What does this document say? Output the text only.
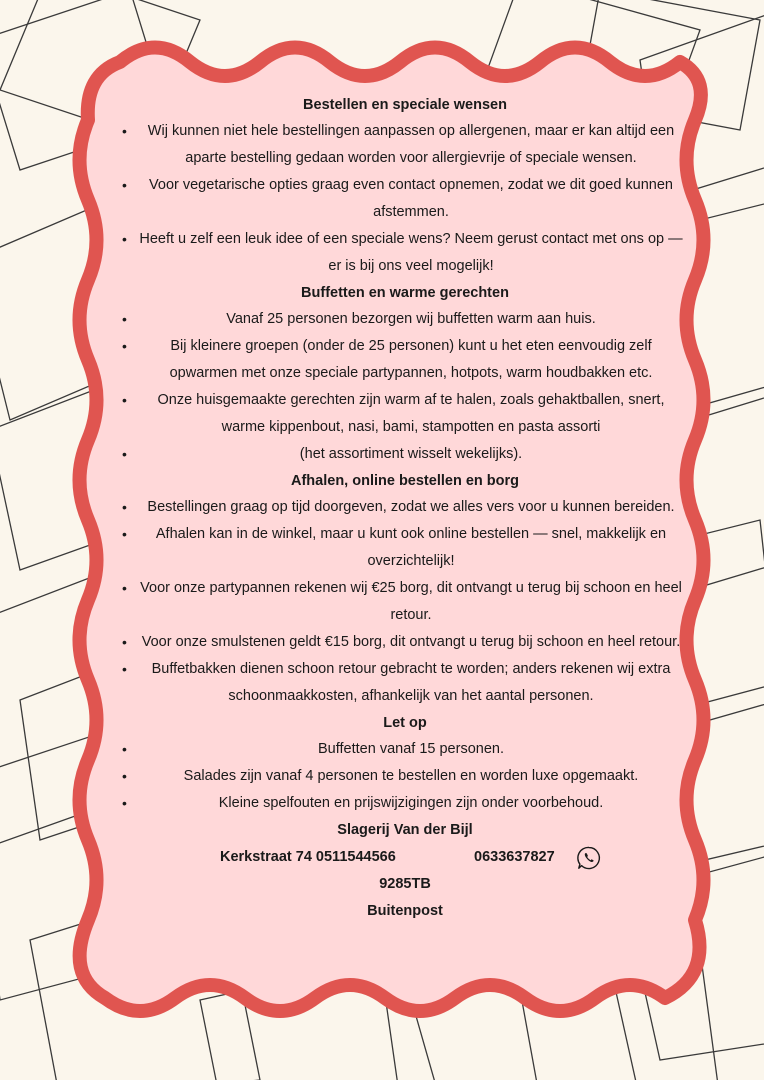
Bestellen en speciale wensen
• Wij kunnen niet hele bestellingen aanpassen op allergenen, maar er kan altijd een aparte bestelling gedaan worden voor allergievrije of speciale wensen.
• Voor vegetarische opties graag even contact opnemen, zodat we dit goed kunnen afstemmen.
• Heeft u zelf een leuk idee of een speciale wens? Neem gerust contact met ons op — er is bij ons veel mogelijk!
Buffetten en warme gerechten
• Vanaf 25 personen bezorgen wij buffetten warm aan huis.
• Bij kleinere groepen (onder de 25 personen) kunt u het eten eenvoudig zelf opwarmen met onze speciale partypannen, hotpots, warm houdbakken etc.
• Onze huisgemaakte gerechten zijn warm af te halen, zoals gehaktballen, snert, warme kippenbout, nasi, bami, stampotten en pasta assorti
• (het assortiment wisselt wekelijks).
Afhalen, online bestellen en borg
• Bestellingen graag op tijd doorgeven, zodat we alles vers voor u kunnen bereiden.
• Afhalen kan in de winkel, maar u kunt ook online bestellen — snel, makkelijk en overzichtelijk!
• Voor onze partypannen rekenen wij €25 borg, dit ontvangt u terug bij schoon en heel retour.
• Voor onze smulstenen geldt €15 borg, dit ontvangt u terug bij schoon en heel retour.
• Buffetbakken dienen schoon retour gebracht te worden; anders rekenen wij extra schoonmaakkosten, afhankelijk van het aantal personen.
Let op
• Buffetten vanaf 15 personen.
• Salades zijn vanaf 4 personen te bestellen en worden luxe opgemaakt.
• Kleine spelfouten en prijswijzigingen zijn onder voorbehoud.
Slagerij Van der Bijl
Kerkstraat 74 0511544566	0633637827
9285TB
Buitenpost
